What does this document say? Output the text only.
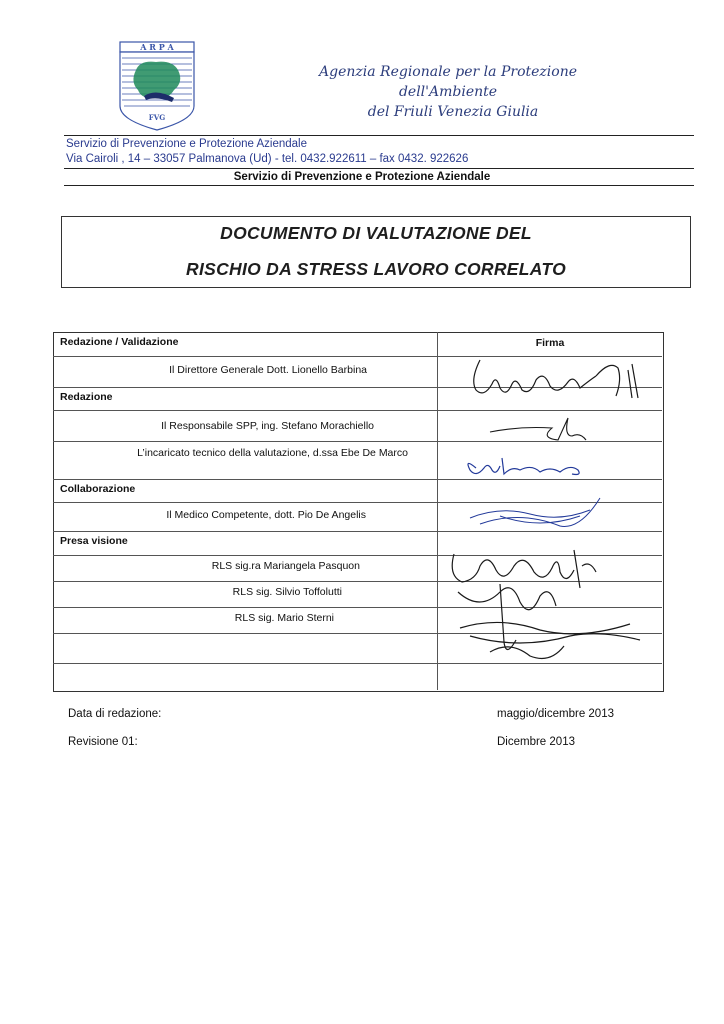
A R P A
FVG
Agenzia Regionale per la Protezione dell'Ambiente
del Friuli Venezia Giulia
Servizio di Prevenzione e Protezione Aziendale
Via Cairoli , 14 – 33057 Palmanova (Ud) - tel. 0432.922611 – fax 0432. 922626
Servizio di Prevenzione e Protezione Aziendale
DOCUMENTO DI VALUTAZIONE DEL
RISCHIO DA STRESS LAVORO CORRELATO
Redazione / Validazione	Firma
Il Direttore Generale Dott. Lionello Barbina
Redazione
Il Responsabile SPP, ing. Stefano Morachiello
L’incaricato tecnico della valutazione, d.ssa Ebe De Marco
Collaborazione
Il Medico Competente, dott. Pio De Angelis
Presa visione
RLS sig.ra Mariangela Pasquon
RLS sig. Silvio Toffolutti
RLS sig. Mario Sterni
Data di redazione:	maggio/dicembre 2013
Revisione 01:	Dicembre 2013
